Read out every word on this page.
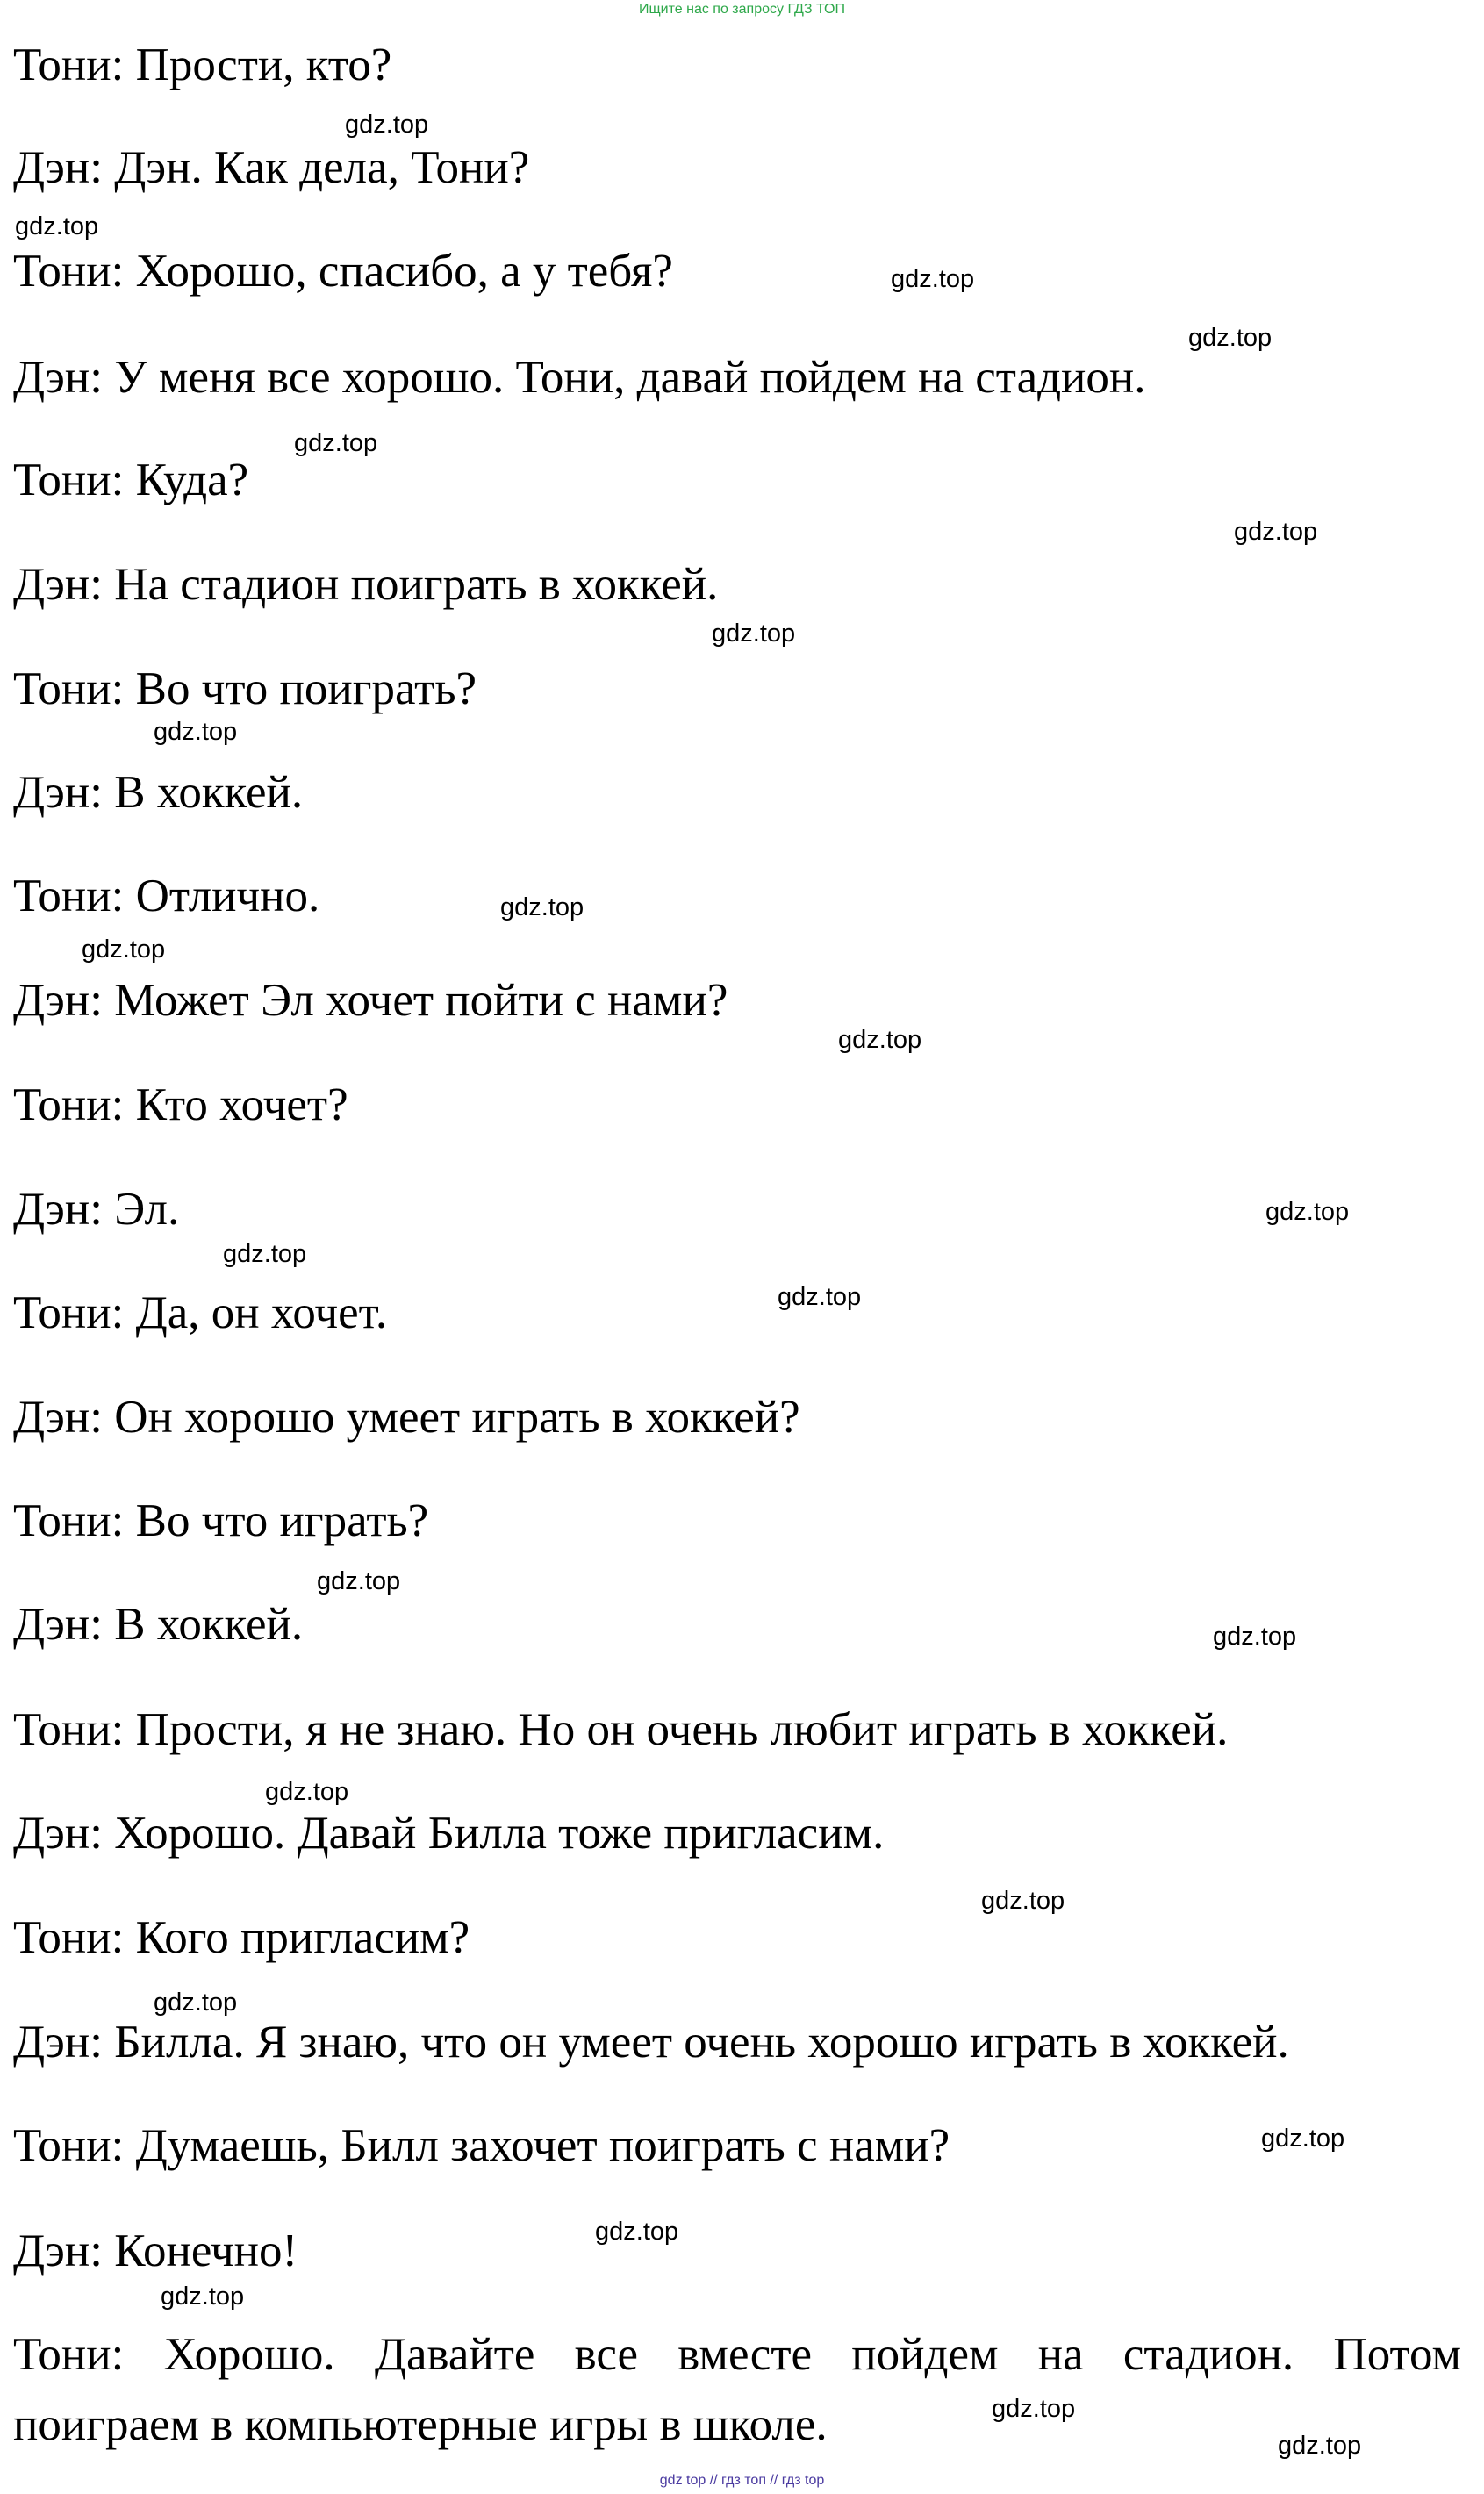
Ищите нас по запросу ГДЗ ТОП
Тони: Прости, кто?
Дэн: Дэн. Как дела, Тони?
Тони: Хорошо, спасибо, а у тебя?
Дэн: У меня все хорошо. Тони, давай пойдем на стадион.
Тони: Куда?
Дэн: На стадион поиграть в хоккей.
Тони: Во что поиграть?
Дэн: В хоккей.
Тони: Отлично.
Дэн: Может Эл хочет пойти с нами?
Тони: Кто хочет?
Дэн: Эл.
Тони: Да, он хочет.
Дэн: Он хорошо умеет играть в хоккей?
Тони: Во что играть?
Дэн: В хоккей.
Тони: Прости, я не знаю. Но он очень любит играть в хоккей.
Дэн: Хорошо. Давай Билла тоже пригласим.
Тони: Кого пригласим?
Дэн: Билла. Я знаю, что он умеет очень хорошо играть в хоккей.
Тони: Думаешь, Билл захочет поиграть с нами?
Дэн: Конечно!
Тони: Хорошо. Давайте все вместе пойдем на стадион. Потом
поиграем в компьютерные игры в школе.
gdz.top
gdz.top
gdz.top
gdz.top
gdz.top
gdz.top
gdz.top
gdz.top
gdz.top
gdz.top
gdz.top
gdz.top
gdz.top
gdz.top
gdz.top
gdz.top
gdz.top
gdz.top
gdz.top
gdz.top
gdz.top
gdz.top
gdz.top
gdz.top
gdz top // гдз топ // гдз top
